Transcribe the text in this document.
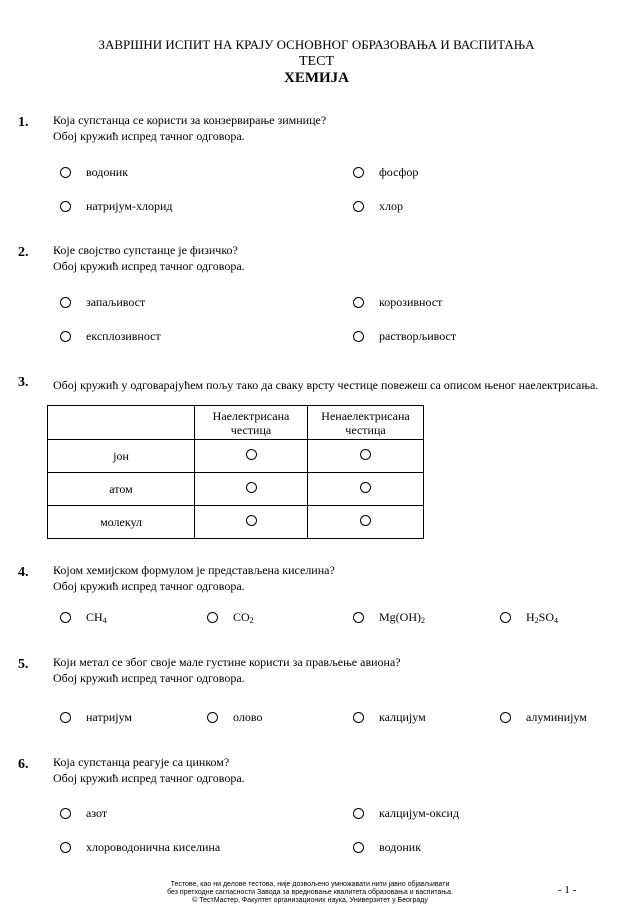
ЗАВРШНИ ИСПИТ НА КРАЈУ ОСНОВНОГ ОБРАЗОВАЊА И ВАСПИТАЊА
ТЕСТ
ХЕМИЈА
1. Која супстанца се користи за конзервирање зимнице?
Обој кружић испред тачног одговора.
водоник	фосфор
натријум-хлорид	хлор
2. Које својство супстанце је физичко?
Обој кружић испред тачног одговора.
запаљивост	корозивност
експлозивност	растворљивост
3. Обој кружић у одговарајућем пољу тако да сваку врсту честице повежеш са описом њеног наелектрисања.
	Наелектрисана честица	Ненаелектрисана честица
јон		
атом		
молекул		
4. Којом хемијском формулом је представљена киселина?
Обој кружић испред тачног одговора.
$CH_4$	$CO_2$	$Mg(OH)_2$	$H_2SO_4$
5. Који метал се због своје мале густине користи за прављење авиона?
Обој кружић испред тачног одговора.
натријум	олово	калцијум	алуминијум
6. Која супстанца реагује са цинком?
Обој кружић испред тачног одговора.
азот	калцијум-оксид
хлороводонична киселина	водоник
Тестове, као ни делове тестова, није дозвољено умножавати нити јавно објављивати
без претходне сагласности Завода за вредновање квалитета образовања и васпитања.
© ТестМастер, Факултет организационих наука, Универзитет у Београду
- 1 -
